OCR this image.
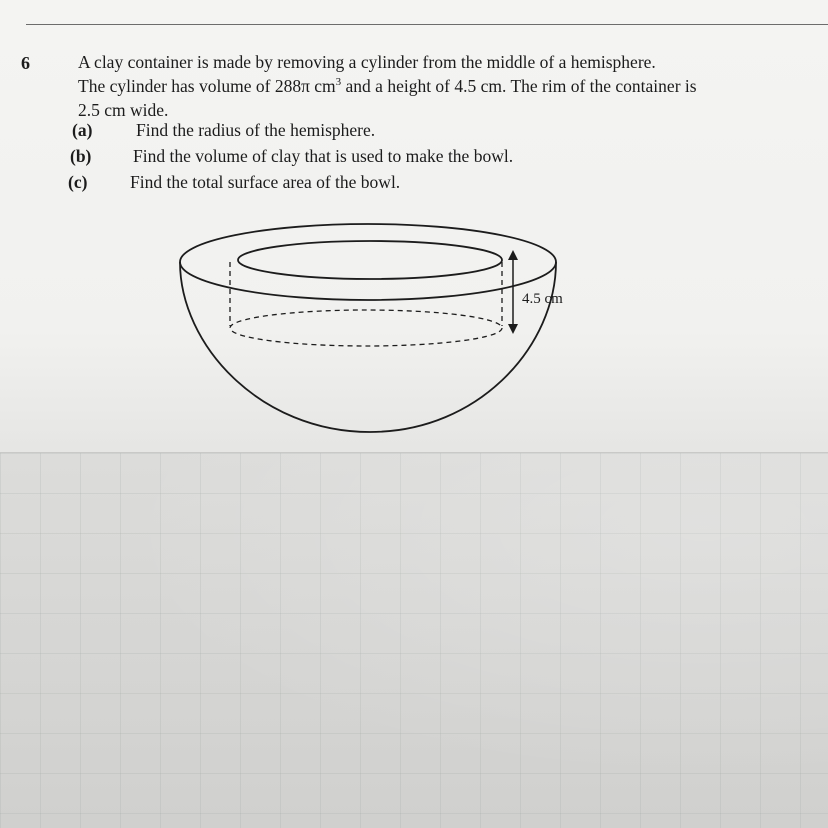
6	A clay container is made by removing a cylinder from the middle of a hemisphere.
The cylinder has volume of 288π $cm^3$ and a height of 4.5 cm. The rim of the container is
2.5 cm wide.
(a) Find the radius of the hemisphere.
(b) Find the volume of clay that is used to make the bowl.
(c) Find the total surface area of the bowl.
4.5 cm
